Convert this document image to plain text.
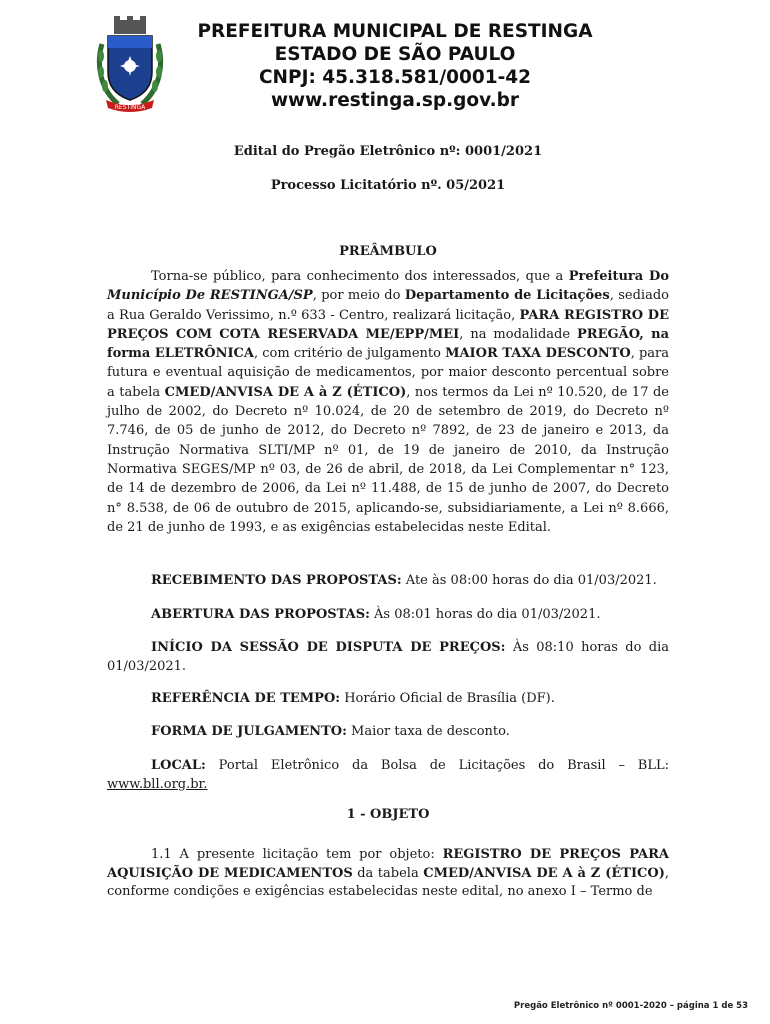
RESTINGA
PREFEITURA MUNICIPAL DE RESTINGA
ESTADO DE SÃO PAULO
CNPJ: 45.318.581/0001-42
www.restinga.sp.gov.br
Edital do Pregão Eletrônico nº: 0001/2021
Processo Licitatório nº. 05/2021
PREÂMBULO
Torna-se público, para conhecimento dos interessados, que a Prefeitura Do Município De RESTINGA/SP, por meio do Departamento de Licitações, sediado a Rua Geraldo Verissimo, n.º 633 - Centro, realizará licitação, PARA REGISTRO DE PREÇOS COM COTA RESERVADA ME/EPP/MEI, na modalidade PREGÃO, na forma ELETRÔNICA, com critério de julgamento MAIOR TAXA DESCONTO, para futura e eventual aquisição de medicamentos, por maior desconto percentual sobre a tabela CMED/ANVISA DE A à Z (ÉTICO), nos termos da Lei nº 10.520, de 17 de julho de 2002, do Decreto nº 10.024, de 20 de setembro de 2019, do Decreto nº 7.746, de 05 de junho de 2012, do Decreto nº 7892, de 23 de janeiro e 2013, da Instrução Normativa SLTI/MP nº 01, de 19 de janeiro de 2010, da Instrução Normativa SEGES/MP nº 03, de 26 de abril, de 2018, da Lei Complementar n° 123, de 14 de dezembro de 2006, da Lei nº 11.488, de 15 de junho de 2007, do Decreto n° 8.538, de 06 de outubro de 2015, aplicando-se, subsidiariamente, a Lei nº 8.666, de 21 de junho de 1993, e as exigências estabelecidas neste Edital.
RECEBIMENTO DAS PROPOSTAS: Ate às 08:00 horas do dia 01/03/2021.
ABERTURA DAS PROPOSTAS: Às 08:01 horas do dia 01/03/2021.
INÍCIO DA SESSÃO DE DISPUTA DE PREÇOS: Às 08:10 horas do dia 01/03/2021.
REFERÊNCIA DE TEMPO: Horário Oficial de Brasília (DF).
FORMA DE JULGAMENTO: Maior taxa de desconto.
LOCAL: Portal Eletrônico da Bolsa de Licitações do Brasil – BLL: www.bll.org.br.
1 - OBJETO
1.1 A presente licitação tem por objeto: REGISTRO DE PREÇOS PARA AQUISIÇÃO DE MEDICAMENTOS da tabela CMED/ANVISA DE A à Z (ÉTICO), conforme condições e exigências estabelecidas neste edital, no anexo I – Termo de
Pregão Eletrônico nº 0001-2020 – página 1 de 53
